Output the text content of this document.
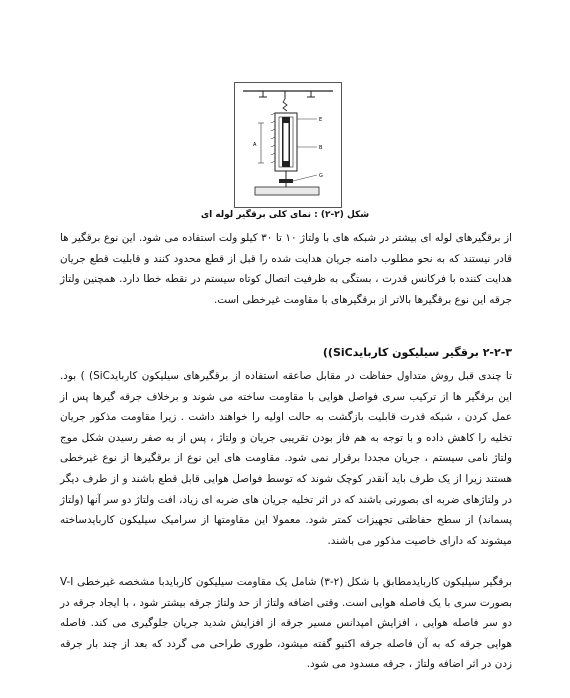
A
E
B
G
شکل (۲-۲) : نمای کلی برقگیر لوله ای

از برقگیرهای لوله ای بیشتر در شبکه های با ولتاژ ۱۰ تا ۳۰ کیلو ولت استفاده می شود. این نوع برقگیر ها قادر نیستند که به نحو مطلوب دامنه جریان هدایت شده را قبل از قطع محدود کنند و قابلیت قطع جریان هدایت کننده با فرکانس قدرت ، بستگی به ظرفیت اتصال کوتاه سیستم در نقطه خطا دارد. همچنین ولتاژ جرقه این نوع برقگیرها بالاتر از برقگیرهای با مقاومت غیرخطی است.

۲-۲-۳ برقگیر سیلیکون کاربایدSiC))

تا چندی قبل روش متداول حفاظت در مقابل صاعقه استفاده از برقگیرهای سیلیکون کاربایدSiC) ) بود. این برقگیر ها از ترکیب سری فواصل هوایی با مقاومت ساخته می شوند و برخلاف جرقه گیرها پس از عمل کردن ، شبکه قدرت قابلیت بازگشت به حالت اولیه را خواهند داشت . زیرا مقاومت مذکور جریان تخلیه را کاهش داده و با توجه به هم فاز بودن تقریبی جریان و ولتاژ ، پس از به صفر رسیدن شکل موج ولتاژ نامی سیستم ، جریان مجددا برقرار نمی شود. مقاومت های این نوع از برقگیرها از نوع غیرخطی هستند زیرا از یک طرف باید آنقدر کوچک شوند که توسط فواصل هوایی قابل قطع باشند و از طرف دیگر در ولتاژهای ضربه ای بصورتی باشند که در اثر تخلیه جریان های ضربه ای زیاد، افت ولتاژ دو سر آنها (ولتاژ پسماند) از سطح حفاظتی تجهیزات کمتر شود. معمولا این مقاومتها از سرامیک سیلیکون کاربایدساخته میشوند که دارای خاصیت مذکور می باشند.

برقگیر سیلیکون کاربایدمطابق با شکل (۲-۳) شامل یک مقاومت سیلیکون کاربایدبا مشخصه غیرخطی V-I بصورت سری با یک فاصله هوایی است. وقتی اضافه ولتاژ از حد ولتاژ جرقه بیشتر شود ، با ایجاد جرقه در دو سر فاصله هوایی ، افزایش امپدانس مسیر جرقه از افزایش شدید جریان جلوگیری می کند. فاصله هوایی جرقه که به آن فاصله جرقه اکتیو گفته میشود، طوری طراحی می گردد که بعد از چند بار جرقه زدن در اثر اضافه ولتاژ ، جرقه مسدود می شود.
